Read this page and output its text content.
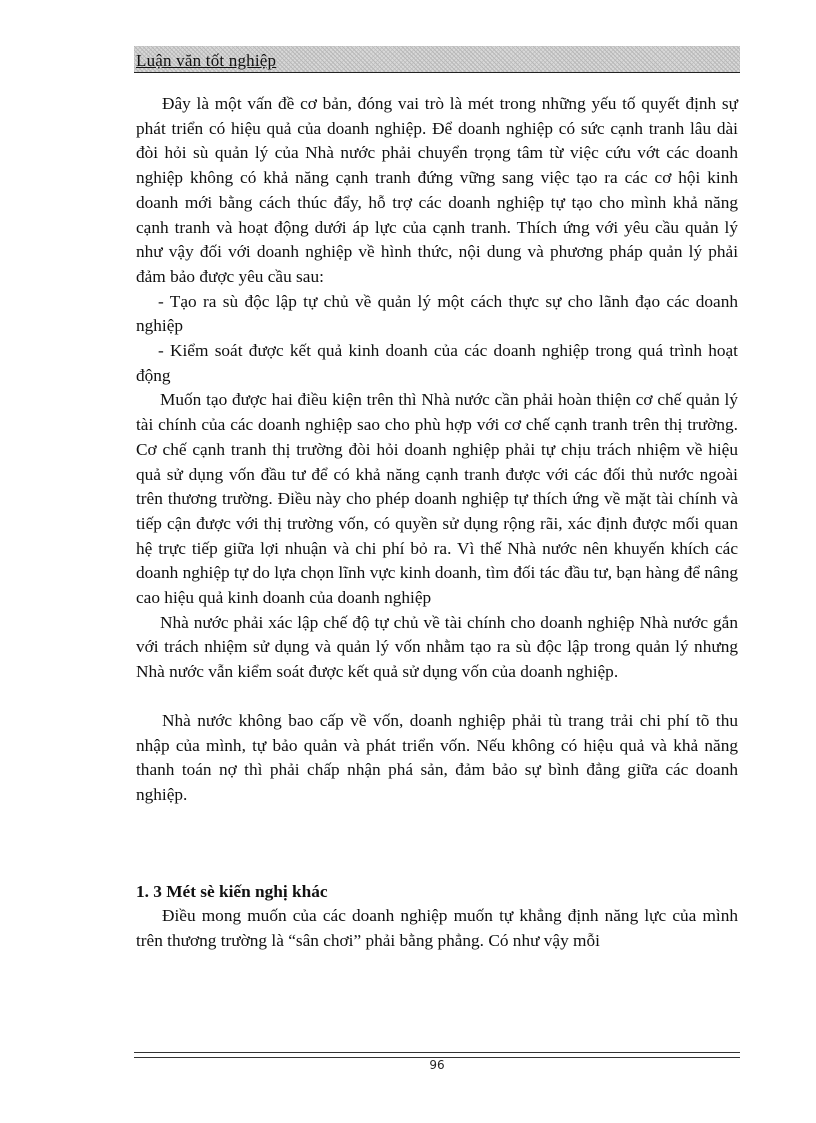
Luận văn tốt nghiệp

Đây là một vấn đề cơ bản, đóng vai trò là mét trong những yếu tố quyết định sự phát triển có hiệu quả của doanh nghiệp. Để doanh nghiệp có sức cạnh tranh lâu dài đòi hỏi sù quản lý của Nhà nước phải chuyển trọng tâm từ việc cứu vớt các doanh nghiệp không có khả năng cạnh tranh đứng vững sang việc tạo ra các cơ hội kinh doanh mới bằng cách thúc đẩy, hỗ trợ các doanh nghiệp tự tạo cho mình khả năng cạnh tranh và hoạt động dưới áp lực của cạnh tranh. Thích ứng với yêu cầu quản lý như vậy đối với doanh nghiệp về hình thức, nội dung và phương pháp quản lý phải đảm bảo được yêu cầu sau:

- Tạo ra sù độc lập tự chủ về quản lý một cách thực sự cho lãnh đạo các doanh nghiệp

- Kiểm soát được kết quả kinh doanh của các doanh nghiệp trong quá trình hoạt động

Muốn tạo được hai điều kiện trên thì Nhà nước cần phải hoàn thiện cơ chế quản lý tài chính của các doanh nghiệp sao cho phù hợp với cơ chế cạnh tranh trên thị trường. Cơ chế cạnh tranh thị trường đòi hỏi doanh nghiệp phải tự chịu trách nhiệm về hiệu quả sử dụng vốn đầu tư để có khả năng cạnh tranh được với các đối thủ nước ngoài trên thương trường. Điều này cho phép doanh nghiệp tự thích ứng về mặt tài chính và tiếp cận được với thị trường vốn, có quyền sử dụng rộng rãi, xác định được mối quan hệ trực tiếp giữa lợi nhuận và chi phí bỏ ra. Vì thế Nhà nước nên khuyến khích các doanh nghiệp tự do lựa chọn lĩnh vực kinh doanh, tìm đối tác đầu tư, bạn hàng để nâng cao hiệu quả kinh doanh của doanh nghiệp

Nhà nước phải xác lập chế độ tự chủ về tài chính cho doanh nghiệp Nhà nước gắn với trách nhiệm sử dụng và quản lý vốn nhằm tạo ra sù độc lập trong quản lý nhưng Nhà nước vẫn kiểm soát được kết quả sử dụng vốn của doanh nghiệp.

Nhà nước không bao cấp về vốn, doanh nghiệp phải tù trang trải chi phí tõ thu nhập của mình, tự bảo quản và phát triển vốn. Nếu không có hiệu quả và khả năng thanh toán nợ thì phải chấp nhận phá sản, đảm bảo sự bình đẳng giữa các doanh nghiệp.

1. 3 Mét sè kiến nghị khác

Điều mong muốn của các doanh nghiệp muốn tự khẳng định năng lực của mình trên thương trường là “sân chơi” phải bằng phẳng. Có như vậy mỗi

96
